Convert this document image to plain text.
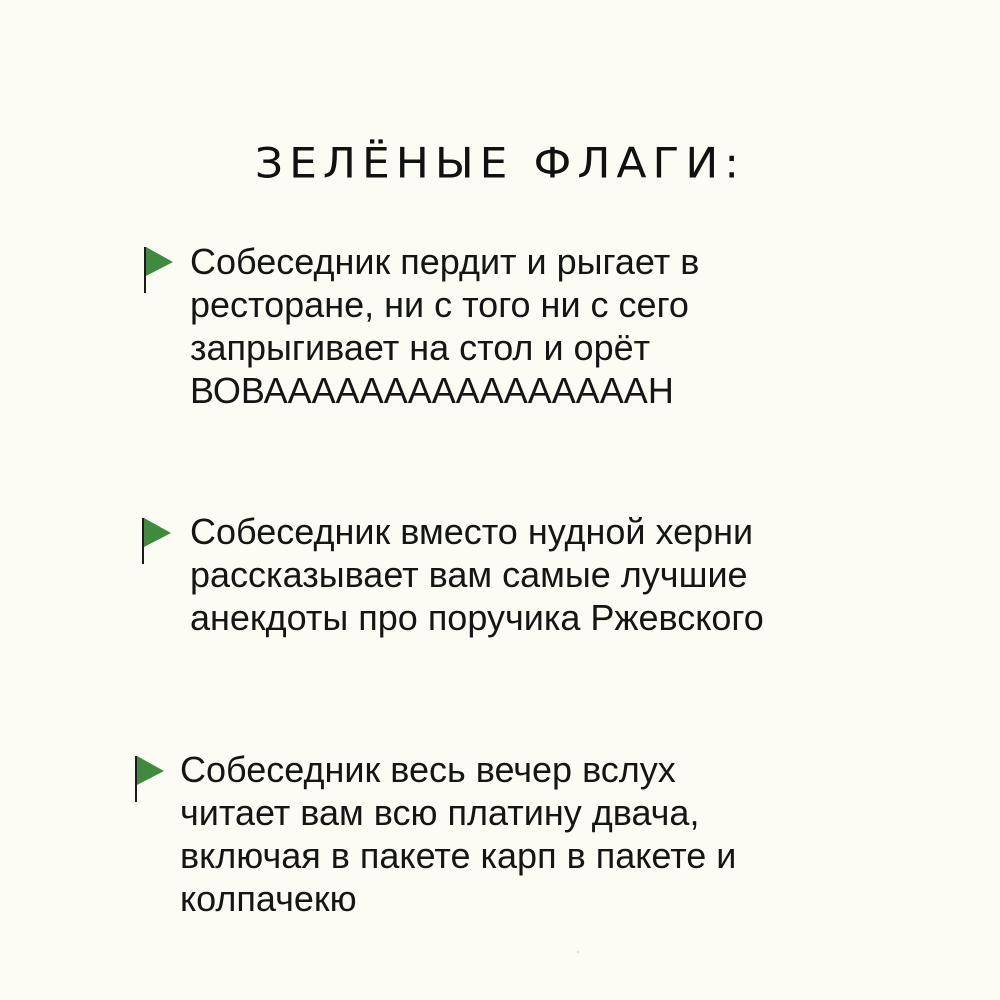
ЗЕЛЁНЫЕ ФЛАГИ:
Собеседник пердит и рыгает в
ресторане, ни с того ни с сего
запрыгивает на стол и орёт
ВОВААААААААААААААААН
Собеседник вместо нудной херни
рассказывает вам самые лучшие
анекдоты про поручика Ржевского
Собеседник весь вечер вслух
читает вам всю платину двача,
включая в пакете карп в пакете и
колпачекю
